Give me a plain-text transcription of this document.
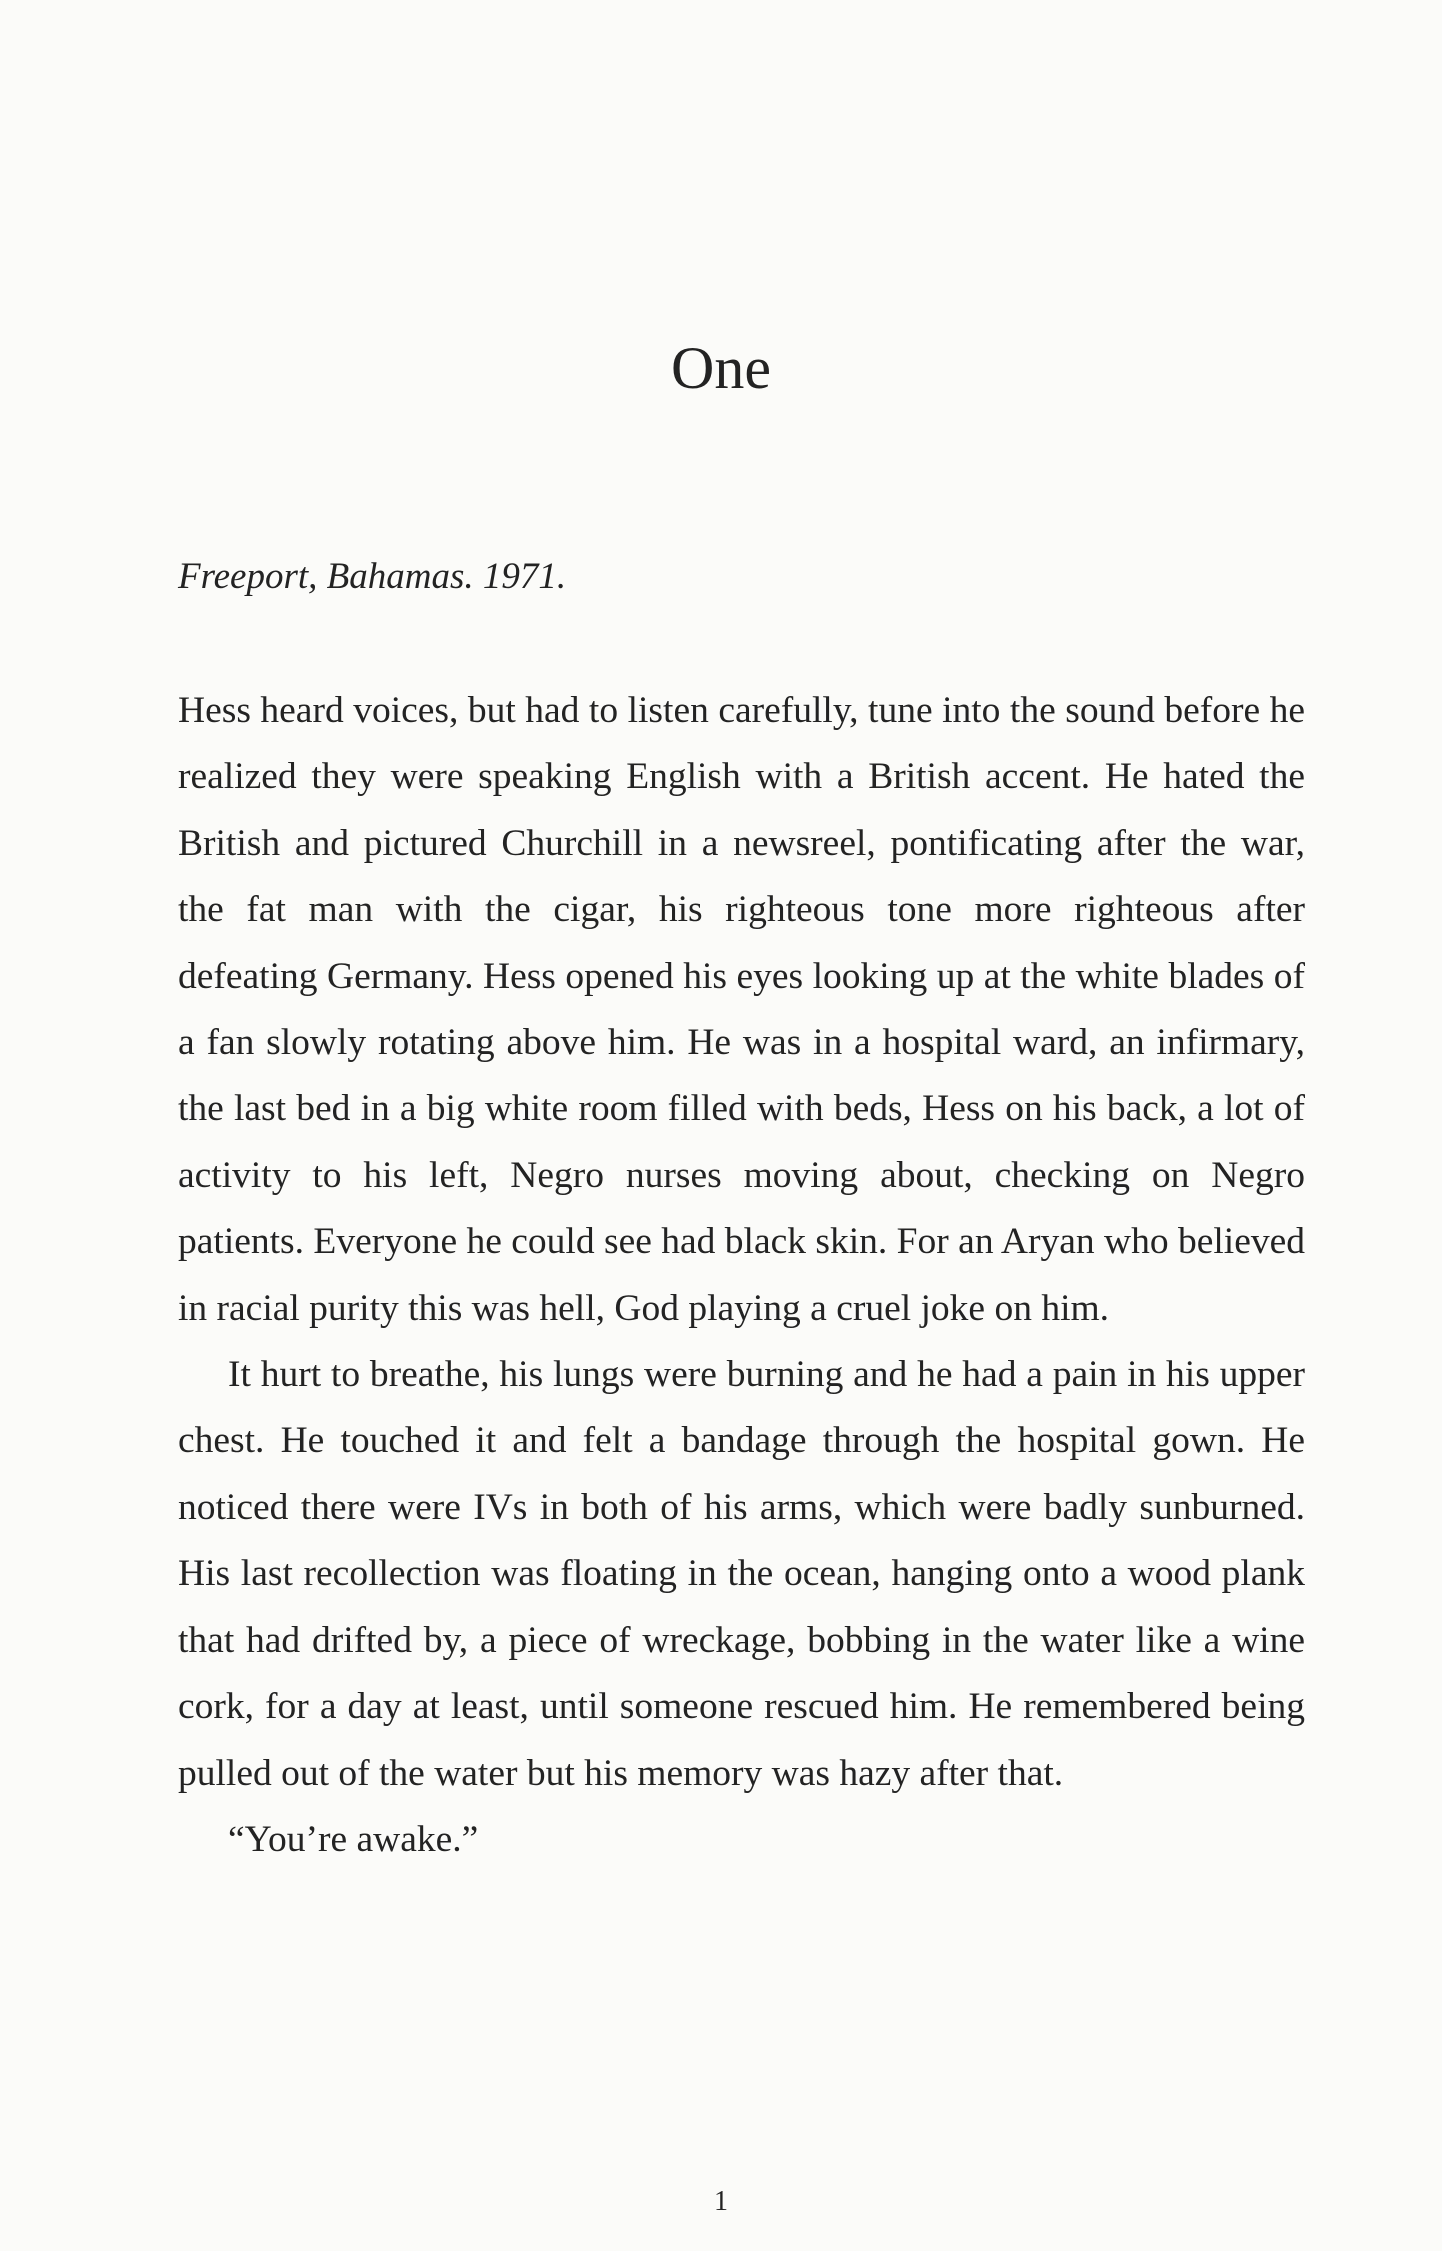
One

Freeport, Bahamas. 1971.

Hess heard voices, but had to listen carefully, tune into the sound before he realized they were speaking English with a British accent. He hated the British and pictured Churchill in a newsreel, pontificating after the war, the fat man with the cigar, his righteous tone more righteous after defeating Germany. Hess opened his eyes looking up at the white blades of a fan slowly rotating above him. He was in a hospital ward, an infirmary, the last bed in a big white room filled with beds, Hess on his back, a lot of activity to his left, Negro nurses moving about, checking on Negro patients. Everyone he could see had black skin. For an Aryan who believed in racial purity this was hell, God playing a cruel joke on him.

It hurt to breathe, his lungs were burning and he had a pain in his upper chest. He touched it and felt a bandage through the hospital gown. He noticed there were IVs in both of his arms, which were badly sunburned. His last recollection was floating in the ocean, hanging onto a wood plank that had drifted by, a piece of wreckage, bobbing in the water like a wine cork, for a day at least, until someone rescued him. He remembered being pulled out of the water but his memory was hazy after that.

“You’re awake.”

1
